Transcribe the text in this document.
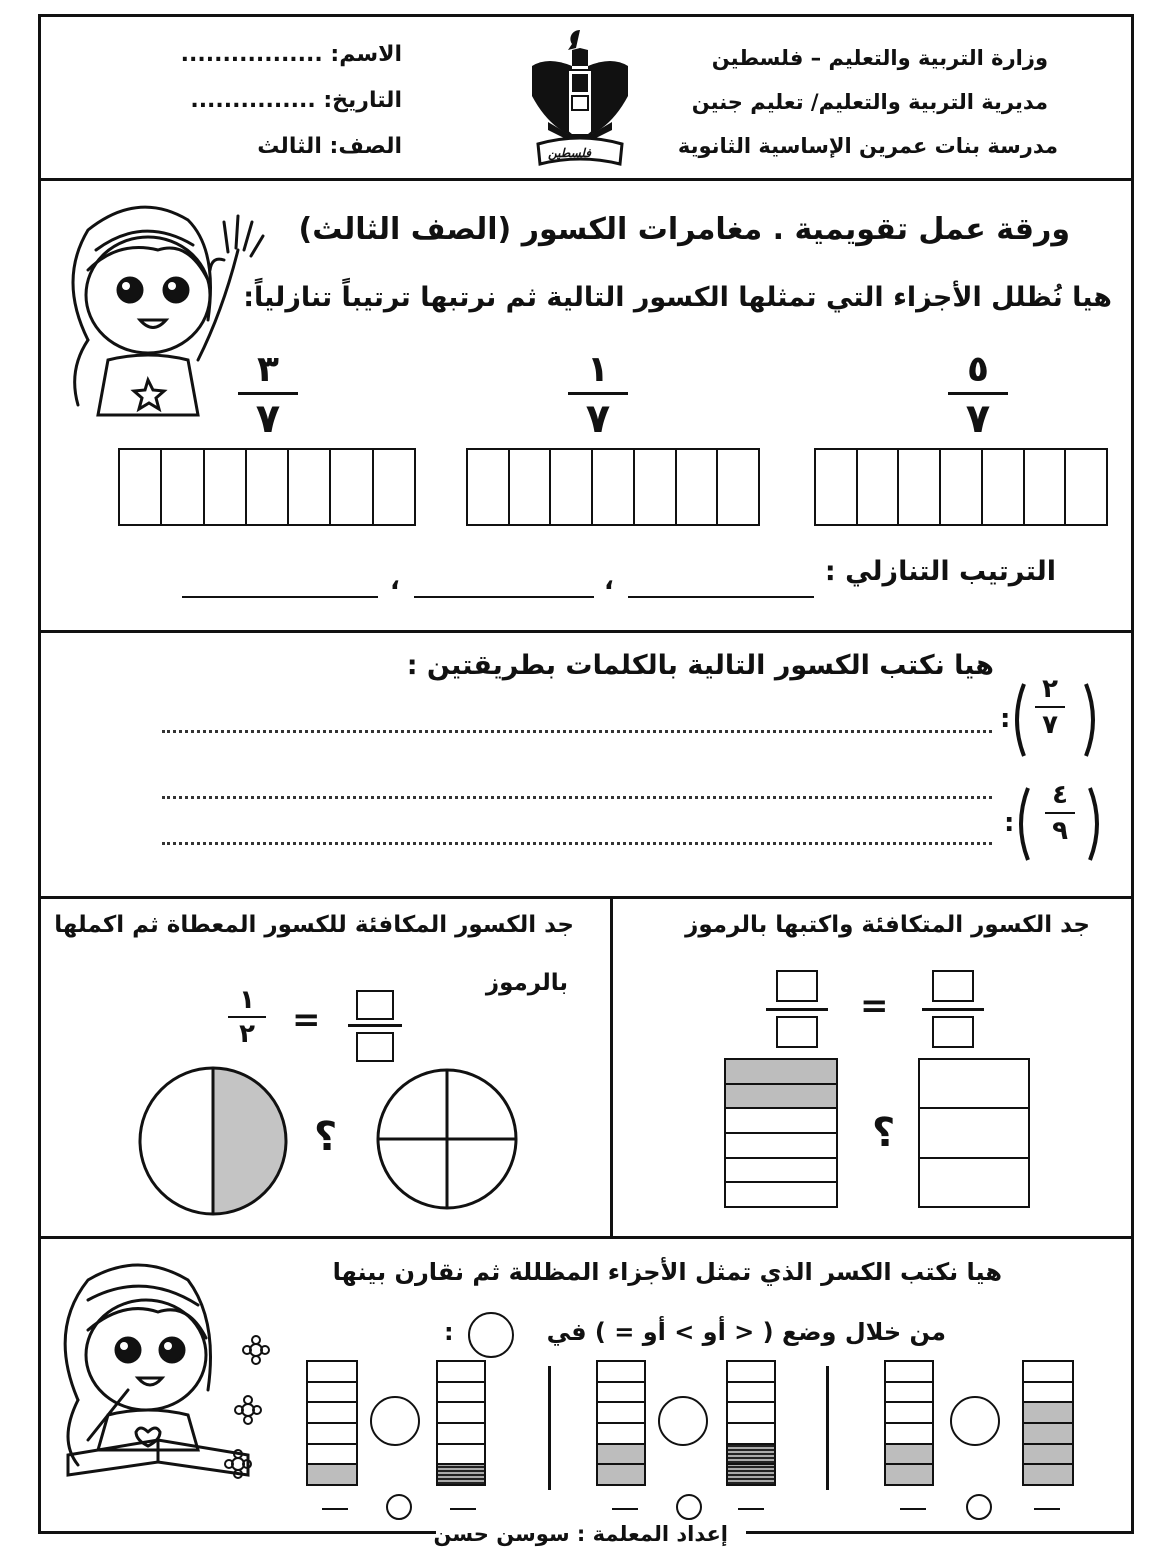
وزارة التربية والتعليم – فلسطين
مديرية التربية والتعليم/ تعليم جنين
مدرسة بنات عمرين الإساسية الثانوية
الاسم: .................
التاريخ: ...............
الصف: الثالث	فلسطين
ورقة عمل تقويمية . مغامرات الكسور (الصف الثالث)
هيا نُظلل الأجزاء التي تمثلها الكسور التالية ثم نرتبها ترتيباً تنازلياً:
٥
٧
١
٧
٣
٧
الترتيب التنازلي :
،
،
هيا نكتب الكسور التالية بالكلمات بطريقتين :
٢
٧
:
٤
٩
:
جد الكسور المتكافئة واكتبها بالرموز
=
؟
جد الكسور المكافئة للكسور المعطاة ثم اكملها
بالرموز
١
٢	=
؟
هيا نكتب الكسر الذي تمثل الأجزاء المظللة ثم نقارن بينها
من خلال وضع ( < أو > أو = ) في
:
إعداد المعلمة : سوسن حسن
